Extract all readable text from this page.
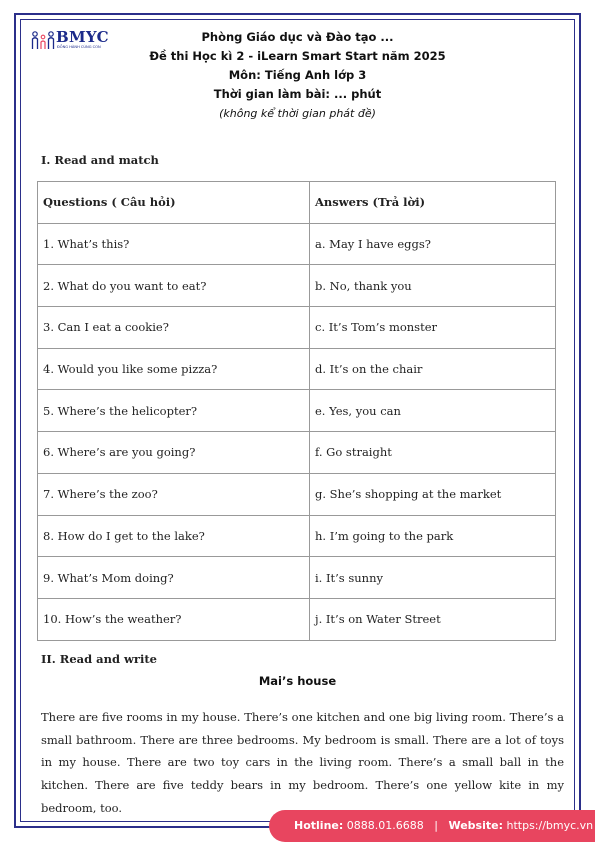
BMYC
ĐỒNG HÀNH CÙNG CON
Phòng Giáo dục và Đào tạo ...
Đề thi Học kì 2 - iLearn Smart Start năm 2025
Môn: Tiếng Anh lớp 3
Thời gian làm bài: ... phút
(không kể thời gian phát đề)
I. Read and match
Questions ( Câu hỏi)	Answers (Trả lời)
1. What’s this?	a. May I have eggs?
2. What do you want to eat?	b. No, thank you
3. Can I eat a cookie?	c. It’s Tom’s monster
4. Would you like some pizza?	d. It’s on the chair
5. Where’s the helicopter?	e. Yes, you can
6. Where’s are you going?	f. Go straight
7. Where’s the zoo?	g. She’s shopping at the market
8. How do I get to the lake?	h. I’m going to the park
9. What’s Mom doing?	i. It’s sunny
10. How’s the weather?	j. It’s on Water Street
II. Read and write
Mai’s house
There are five rooms in my house. There’s one kitchen and one big living room. There’s a small bathroom. There are three bedrooms. My bedroom is small. There are a lot of toys in my house. There are two toy cars in the living room. There’s a small ball in the kitchen. There are five teddy bears in my bedroom. There’s one yellow kite in my bedroom, too.
Hotline: 0888.01.6688 | Website: https://bmyc.vn
